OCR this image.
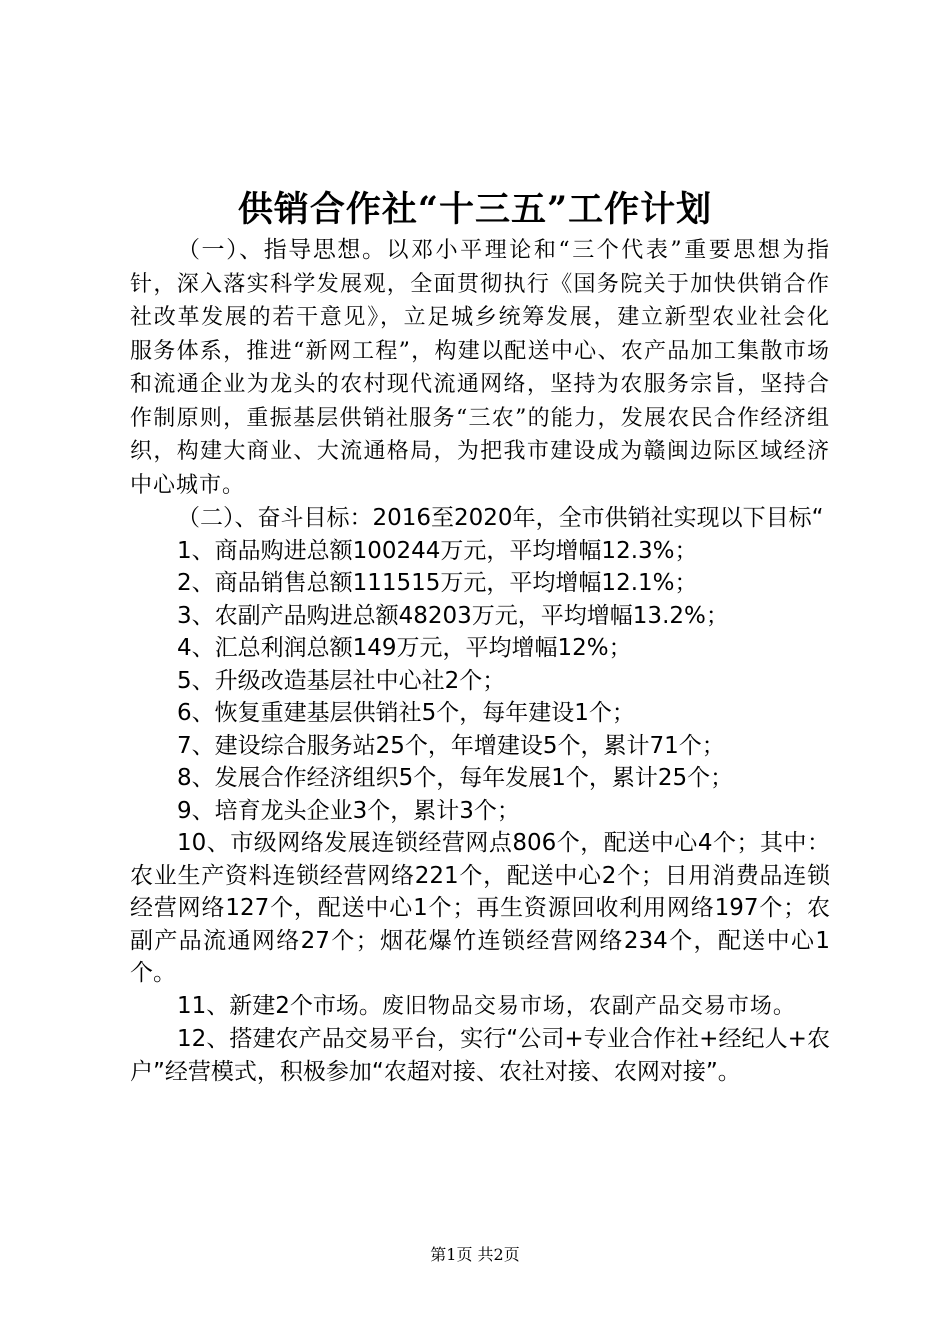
供销合作社“十三五”工作计划

（一）、指导思想。以邓小平理论和“三个代表”重要思想为指针，深入落实科学发展观，全面贯彻执行《国务院关于加快供销合作社改革发展的若干意见》，立足城乡统筹发展，建立新型农业社会化服务体系，推进“新网工程”，构建以配送中心、农产品加工集散市场和流通企业为龙头的农村现代流通网络，坚持为农服务宗旨，坚持合作制原则，重振基层供销社服务“三农”的能力，发展农民合作经济组织，构建大商业、大流通格局，为把我市建设成为赣闽边际区域经济中心城市。

（二）、奋斗目标：2016至2020年，全市供销社实现以下目标“

1、商品购进总额100244万元，平均增幅12.3%；

2、商品销售总额111515万元，平均增幅12.1%；

3、农副产品购进总额48203万元，平均增幅13.2%；

4、汇总利润总额149万元，平均增幅12%；

5、升级改造基层社中心社2个；

6、恢复重建基层供销社5个，每年建设1个；

7、建设综合服务站25个，年增建设5个，累计71个；

8、发展合作经济组织5个，每年发展1个，累计25个；

9、培育龙头企业3个，累计3个；

10、市级网络发展连锁经营网点806个，配送中心4个；其中：农业生产资料连锁经营网络221个，配送中心2个；日用消费品连锁经营网络127个，配送中心1个；再生资源回收利用网络197个；农副产品流通网络27个；烟花爆竹连锁经营网络234个，配送中心1个。

11、新建2个市场。废旧物品交易市场，农副产品交易市场。

12、搭建农产品交易平台，实行“公司+专业合作社+经纪人+农户”经营模式，积极参加“农超对接、农社对接、农网对接”。

第1页 共2页
